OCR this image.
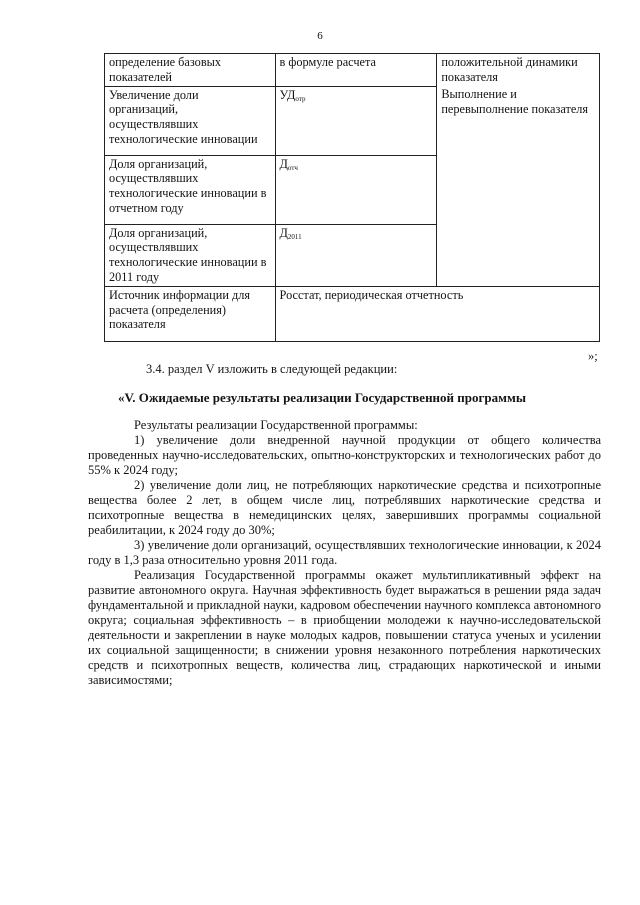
6
определение базовых показателей	в формуле расчета	положительной динамики показателя
Увеличение доли организаций, осуществлявших технологические инновации	$УД_{отр}$	Выполнение и перевыполнение показателя
Доля организаций, осуществлявших технологические инновации в отчетном году	$Д_{отч}$
Доля организаций, осуществлявших технологические инновации в 2011 году	$Д_{2011}$
Источник информации для расчета (определения) показателя	Росстат, периодическая отчетность	
»;
3.4. раздел V изложить в следующей редакции:
«V. Ожидаемые результаты реализации Государственной программы

Результаты реализации Государственной программы:

1) увеличение доли внедренной научной продукции от общего количества проведенных научно-исследовательских, опытно-конструкторских и технологических работ до 55% к 2024 году;

2) увеличение доли лиц, не потребляющих наркотические средства и психотропные вещества более 2 лет, в общем числе лиц, потреблявших наркотические средства и психотропные вещества в немедицинских целях, завершивших программы социальной реабилитации, к 2024 году до 30%;

3) увеличение доли организаций, осуществлявших технологические инновации, к 2024 году в 1,3 раза относительно уровня 2011 года.

Реализация Государственной программы окажет мультипликативный эффект на развитие автономного округа. Научная эффективность будет выражаться в решении ряда задач фундаментальной и прикладной науки, кадровом обеспечении научного комплекса автономного округа; социальная эффективность – в приобщении молодежи к научно-исследовательской деятельности и закреплении в науке молодых кадров, повышении статуса ученых и усилении их социальной защищенности; в снижении уровня незаконного потребления наркотических средств и психотропных веществ, количества лиц, страдающих наркотической и иными зависимостями;
